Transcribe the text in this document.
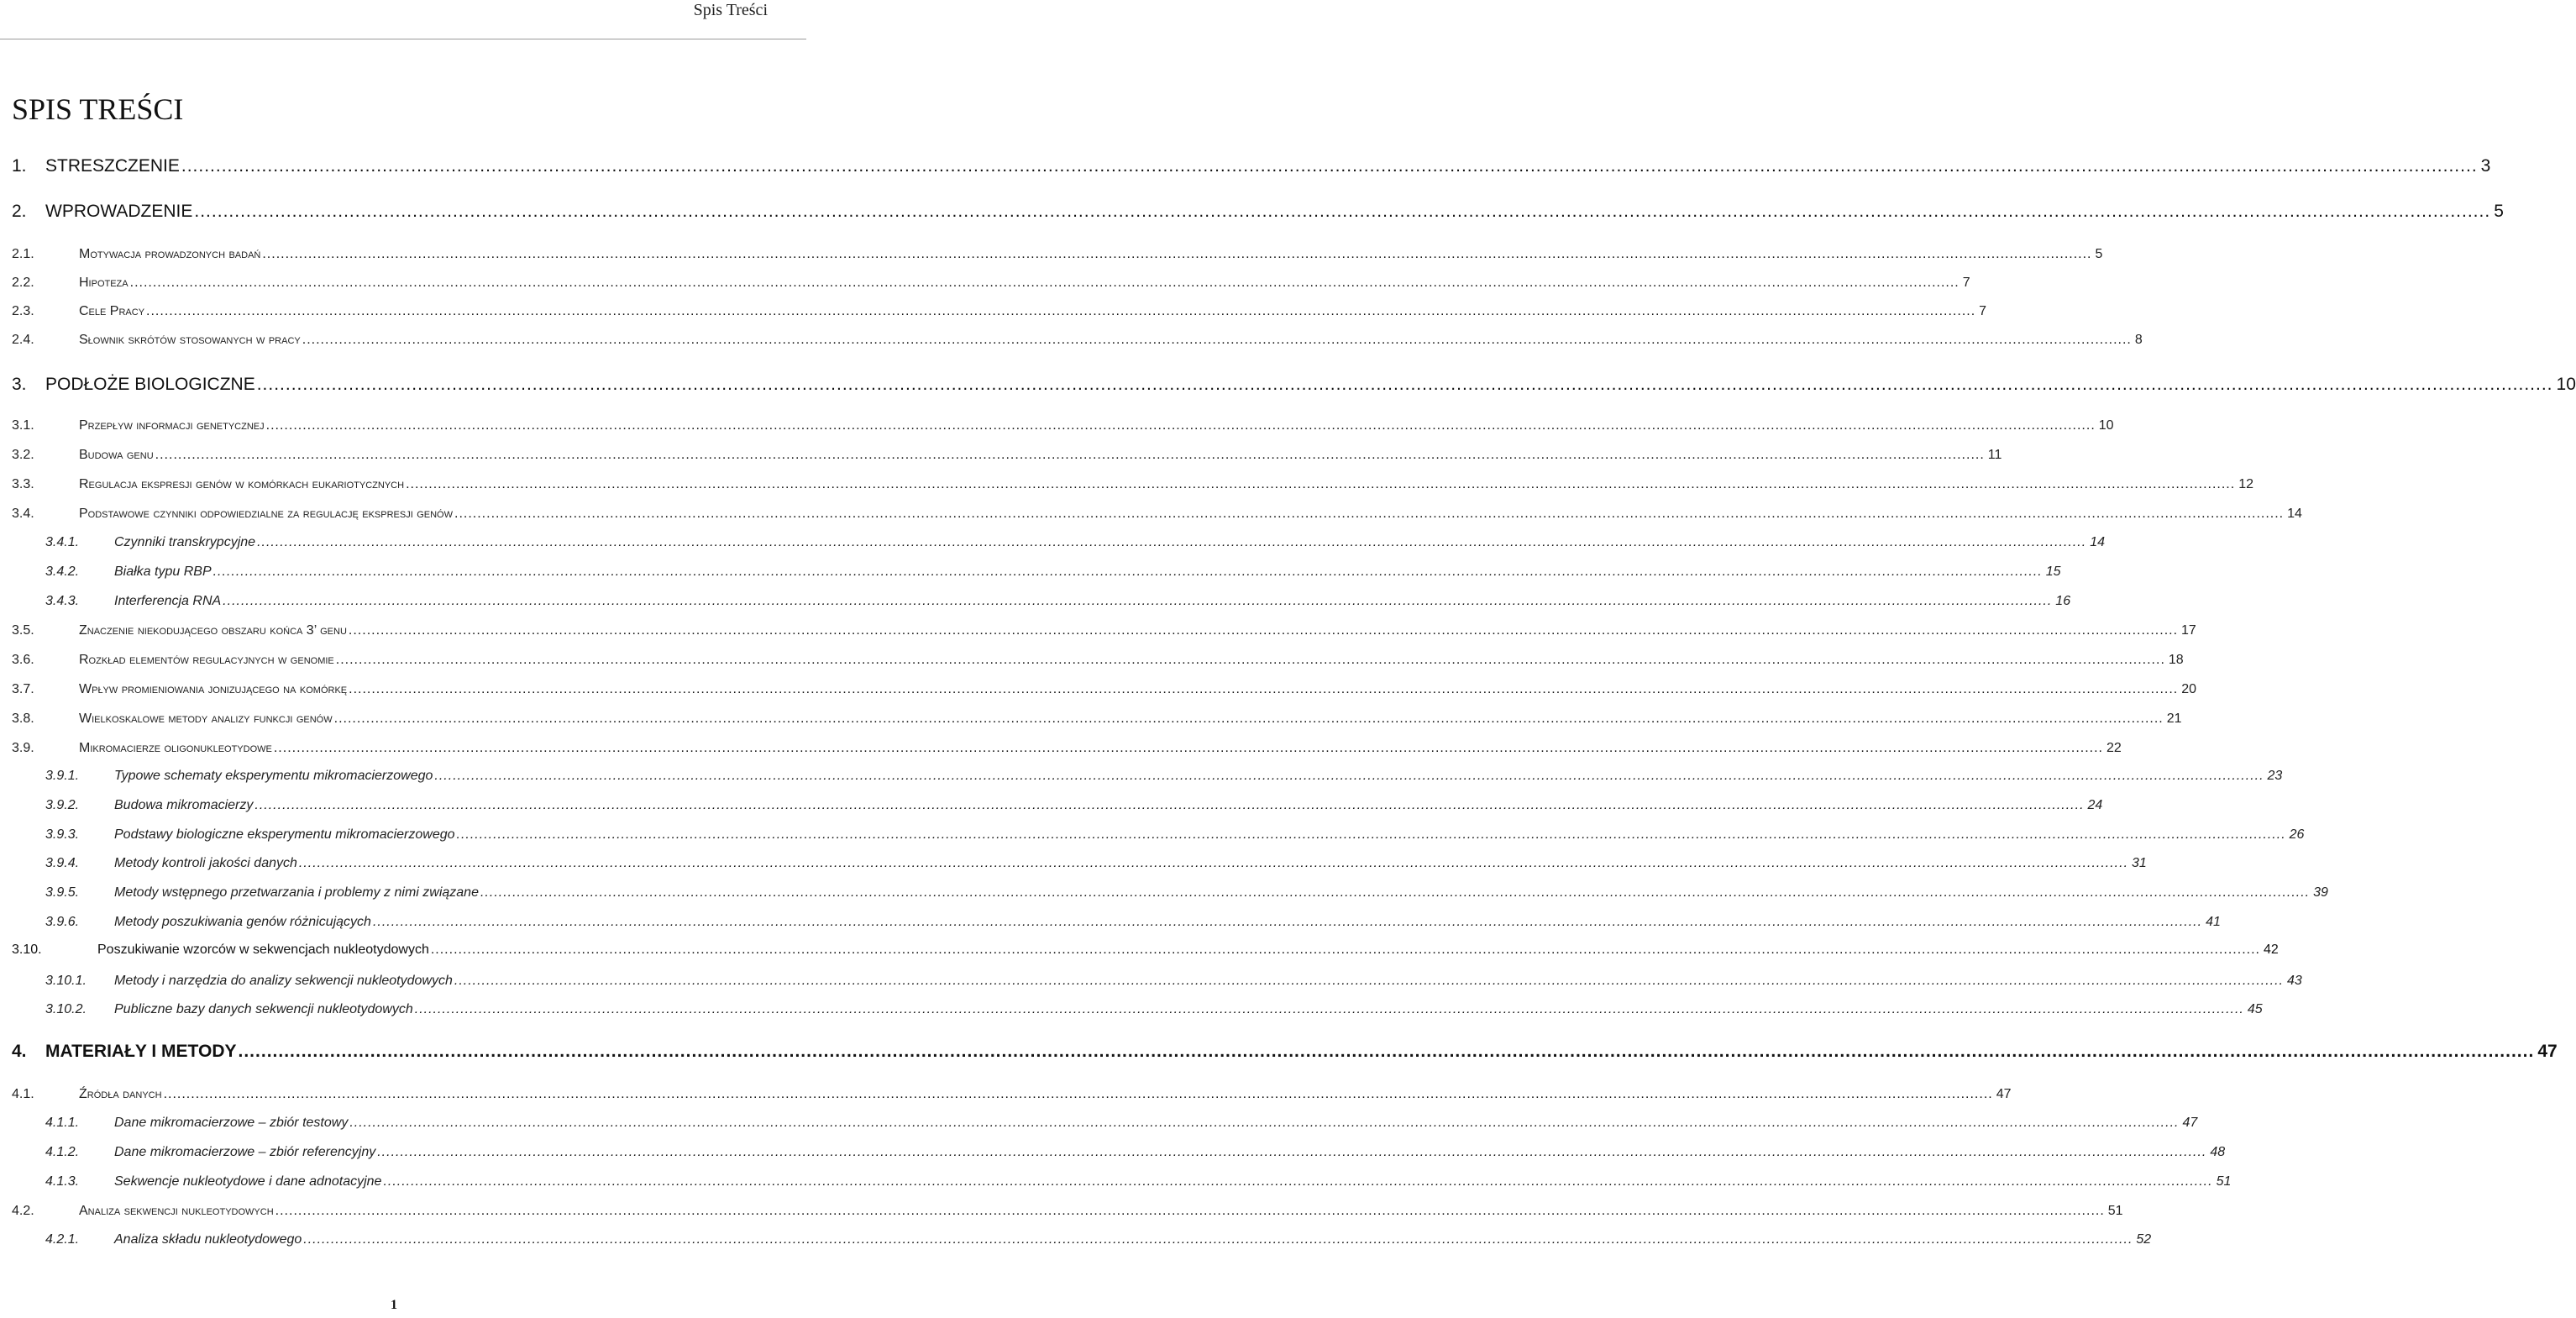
Spis Treści
SPIS TREŚCI
1. STRESZCZENIE ................................................................................................................................................................................................................................................................................................................................................................................................................ 3
2. WPROWADZENIE ................................................................................................................................................................................................................................................................................................................................................................................................................ 5
2.1.	Motywacja prowadzonych badań ................................................................................................................................................................................................................................................................................................................................................................................................................ 5
2.2.	Hipoteza ................................................................................................................................................................................................................................................................................................................................................................................................................ 7
2.3.	Cele Pracy ................................................................................................................................................................................................................................................................................................................................................................................................................ 7
2.4.	Słownik skrótów stosowanych w pracy ................................................................................................................................................................................................................................................................................................................................................................................................................ 8
3. PODŁOŻE BIOLOGICZNE ................................................................................................................................................................................................................................................................................................................................................................................................................ 10
3.1.	Przepływ informacji genetycznej ................................................................................................................................................................................................................................................................................................................................................................................................................ 10
3.2.	Budowa genu ................................................................................................................................................................................................................................................................................................................................................................................................................ 11
3.3.	Regulacja ekspresji genów w komórkach eukariotycznych ................................................................................................................................................................................................................................................................................................................................................................................................................ 12
3.4.	Podstawowe czynniki odpowiedzialne za regulację ekspresji genów ................................................................................................................................................................................................................................................................................................................................................................................................................ 14
3.4.1.	Czynniki transkrypcyjne ................................................................................................................................................................................................................................................................................................................................................................................................................ 14
3.4.2.	Białka typu RBP ................................................................................................................................................................................................................................................................................................................................................................................................................ 15
3.4.3.	Interferencja RNA ................................................................................................................................................................................................................................................................................................................................................................................................................ 16
3.5.	Znaczenie niekodującego obszaru końca 3’ genu ................................................................................................................................................................................................................................................................................................................................................................................................................ 17
3.6.	Rozkład elementów regulacyjnych w genomie ................................................................................................................................................................................................................................................................................................................................................................................................................ 18
3.7.	Wpływ promieniowania jonizującego na komórkę ................................................................................................................................................................................................................................................................................................................................................................................................................ 20
3.8.	Wielkoskalowe metody analizy funkcji genów ................................................................................................................................................................................................................................................................................................................................................................................................................ 21
3.9.	Mikromacierze oligonukleotydowe ................................................................................................................................................................................................................................................................................................................................................................................................................ 22
3.9.1.	Typowe schematy eksperymentu mikromacierzowego ................................................................................................................................................................................................................................................................................................................................................................................................................ 23
3.9.2.	Budowa mikromacierzy ................................................................................................................................................................................................................................................................................................................................................................................................................ 24
3.9.3.	Podstawy biologiczne eksperymentu mikromacierzowego ................................................................................................................................................................................................................................................................................................................................................................................................................ 26
3.9.4.	Metody kontroli jakości danych ................................................................................................................................................................................................................................................................................................................................................................................................................ 31
3.9.5.	Metody wstępnego przetwarzania i problemy z nimi związane ................................................................................................................................................................................................................................................................................................................................................................................................................ 39
3.9.6.	Metody poszukiwania genów różnicujących ................................................................................................................................................................................................................................................................................................................................................................................................................ 41
3.10.	Poszukiwanie wzorców w sekwencjach nukleotydowych ................................................................................................................................................................................................................................................................................................................................................................................................................ 42
3.10.1. Metody i narzędzia do analizy sekwencji nukleotydowych ................................................................................................................................................................................................................................................................................................................................................................................................................ 43
3.10.2. Publiczne bazy danych sekwencji nukleotydowych ................................................................................................................................................................................................................................................................................................................................................................................................................ 45
4. MATERIAŁY I METODY ................................................................................................................................................................................................................................................................................................................................................................................................................ 47
4.1.	Źródła danych ................................................................................................................................................................................................................................................................................................................................................................................................................ 47
4.1.1.	Dane mikromacierzowe – zbiór testowy ................................................................................................................................................................................................................................................................................................................................................................................................................ 47
4.1.2.	Dane mikromacierzowe – zbiór referencyjny ................................................................................................................................................................................................................................................................................................................................................................................................................ 48
4.1.3.	Sekwencje nukleotydowe i dane adnotacyjne ................................................................................................................................................................................................................................................................................................................................................................................................................ 51
4.2.	Analiza sekwencji nukleotydowych ................................................................................................................................................................................................................................................................................................................................................................................................................ 51
4.2.1.	Analiza składu nukleotydowego ................................................................................................................................................................................................................................................................................................................................................................................................................ 52
1
